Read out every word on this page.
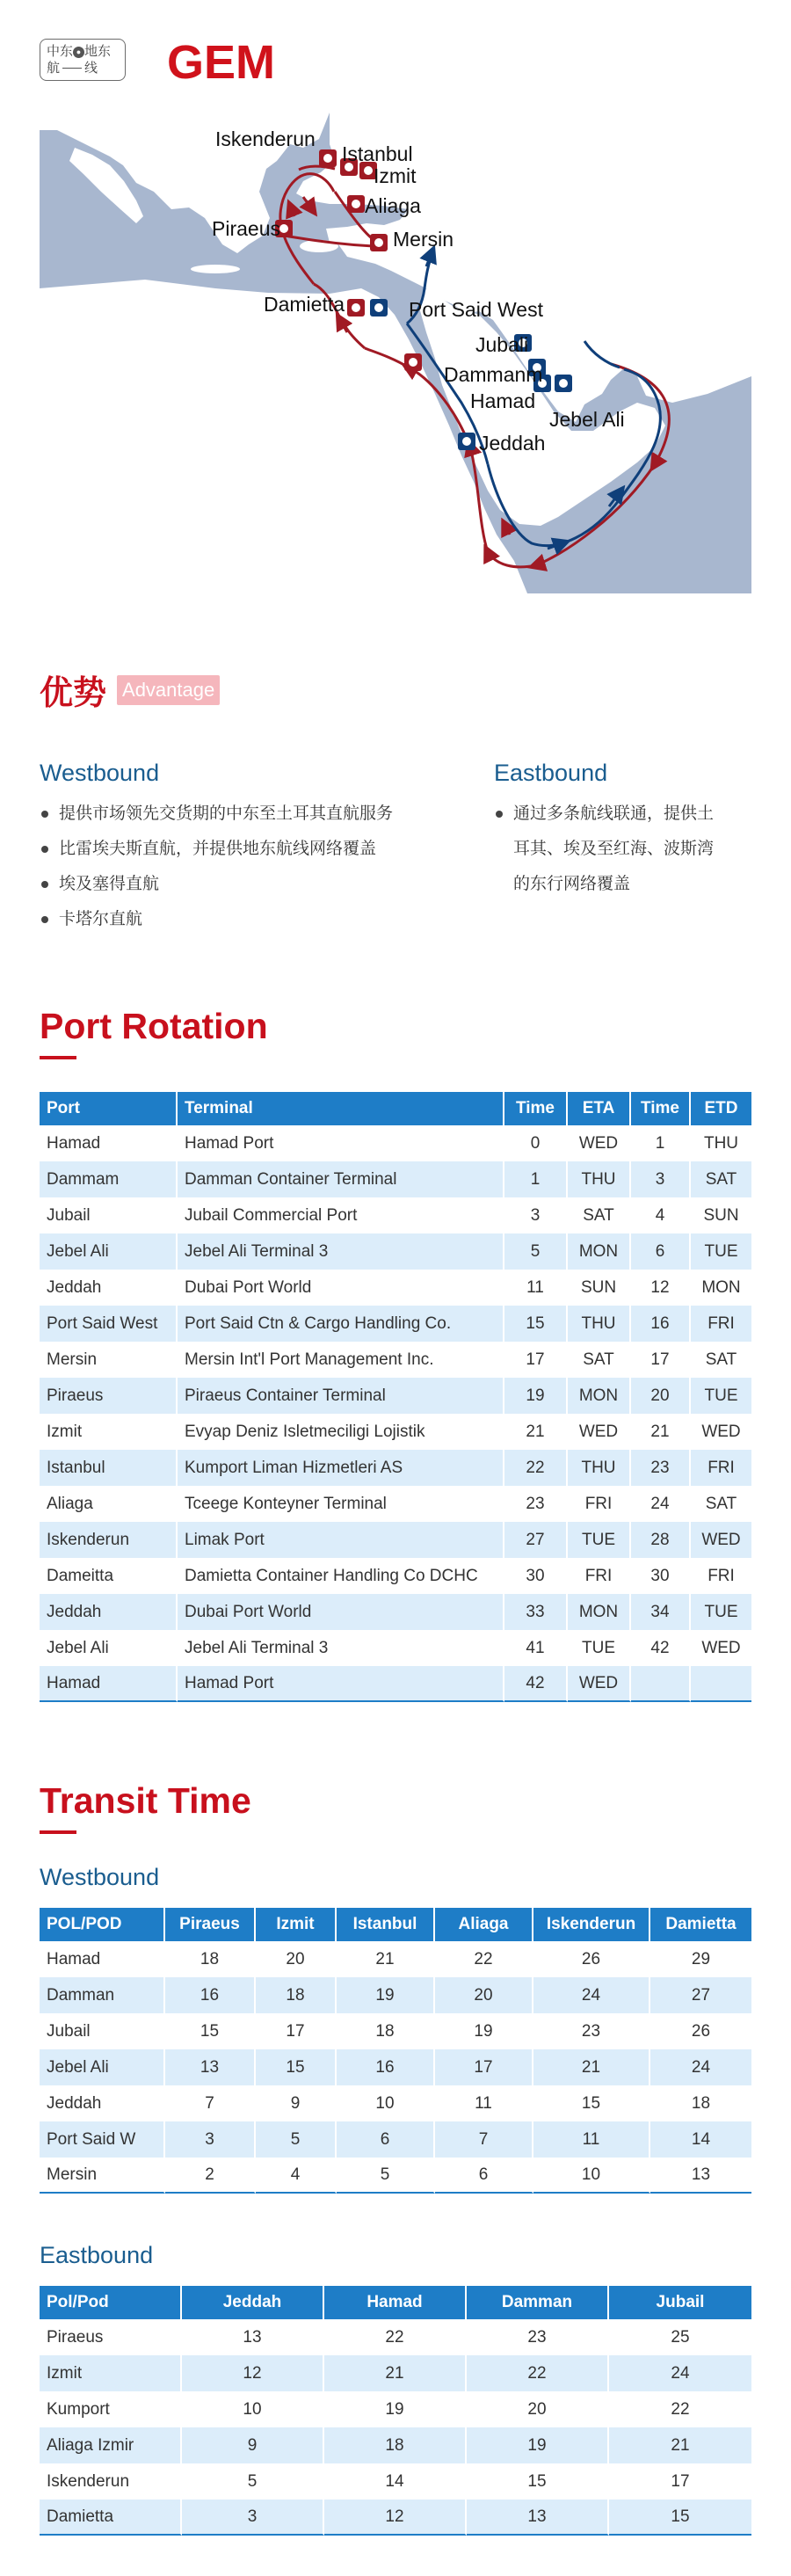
中东 ● 地东
航 线 GEM
Asia
Iskenderun
Istanbul
Izmit
Aliaga
Piraeus	Mersin
Damietta	Port Said West
Jubali
Dammanm
Hamad
Jebel Ali
Jeddah
优势 Advantage
Westbound
提供市场领先交货期的中东至土耳其直航服务
比雷埃夫斯直航，并提供地东航线网络覆盖
埃及塞得直航
卡塔尔直航
Eastbound
通过多条航线联通，提供土
耳其、埃及至红海、波斯湾
的东行网络覆盖
Port Rotation
Port	Terminal	Time	ETA	Time	ETD
Hamad	Hamad Port	0	WED	1	THU
Dammam	Damman Container Terminal	1	THU	3	SAT
Jubail	Jubail Commercial Port	3	SAT	4	SUN
Jebel Ali	Jebel Ali Terminal 3	5	MON	6	TUE
Jeddah	Dubai Port World	11	SUN	12	MON
Port Said West	Port Said Ctn & Cargo Handling Co.	15	THU	16	FRI
Mersin	Mersin Int'l Port Management Inc.	17	SAT	17	SAT
Piraeus	Piraeus Container Terminal	19	MON	20	TUE
Izmit	Evyap Deniz Isletmeciligi Lojistik	21	WED	21	WED
Istanbul	Kumport Liman Hizmetleri AS	22	THU	23	FRI
Aliaga	Tceege Konteyner Terminal	23	FRI	24	SAT
Iskenderun	Limak Port	27	TUE	28	WED
Dameitta	Damietta Container Handling Co DCHC	30	FRI	30	FRI
Jeddah	Dubai Port World	33	MON	34	TUE
Jebel Ali	Jebel Ali Terminal 3	41	TUE	42	WED
Hamad	Hamad Port	42	WED		
Transit Time
Westbound
POL/POD	Piraeus	Izmit	Istanbul	Aliaga	Iskenderun	Damietta
Hamad	18	20	21	22	26	29
Damman	16	18	19	20	24	27
Jubail	15	17	18	19	23	26
Jebel Ali	13	15	16	17	21	24
Jeddah	7	9	10	11	15	18
Port Said W	3	5	6	7	11	14
Mersin	2	4	5	6	10	13
Eastbound
Pol/Pod	Jeddah	Hamad	Damman	Jubail
Piraeus	13	22	23	25
Izmit	12	21	22	24
Kumport	10	19	20	22
Aliaga Izmir	9	18	19	21
Iskenderun	5	14	15	17
Damietta	3	12	13	15
